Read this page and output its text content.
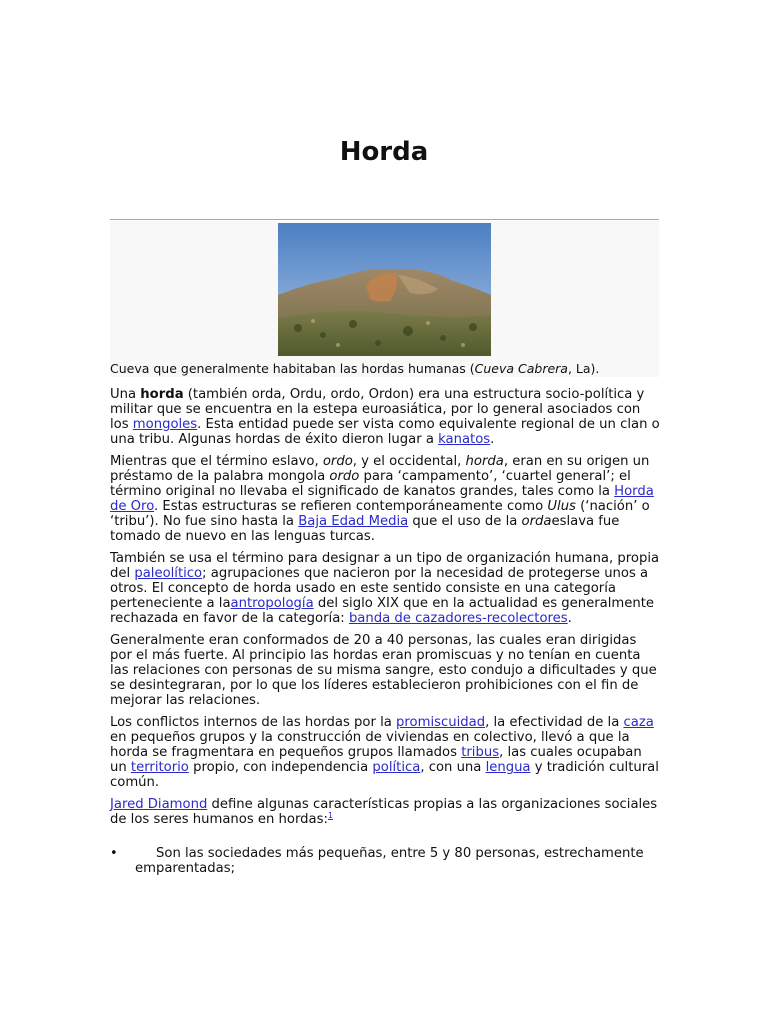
Horda
Cueva que generalmente habitaban las hordas humanas (Cueva Cabrera, La).

Una horda (también orda, Ordu, ordo, Ordon) era una estructura socio-política y militar que se encuentra en la estepa euroasiática, por lo general asociados con los mongoles. Esta entidad puede ser vista como equivalente regional de un clan o una tribu. Algunas hordas de éxito dieron lugar a kanatos.

Mientras que el término eslavo, ordo, y el occidental, horda, eran en su origen un préstamo de la palabra mongola ordo para ‘campamento’, ‘cuartel general’; el término original no llevaba el significado de kanatos grandes, tales como la Horda de Oro. Estas estructuras se refieren contemporáneamente como Ulus (‘nación’ o ‘tribu’). No fue sino hasta la Baja Edad Media que el uso de la ordaeslava fue tomado de nuevo en las lenguas turcas.

También se usa el término para designar a un tipo de organización humana, propia del paleolítico; agrupaciones que nacieron por la necesidad de protegerse unos a otros. El concepto de horda usado en este sentido consiste en una categoría perteneciente a laantropología del siglo XIX que en la actualidad es generalmente rechazada en favor de la categoría: banda de cazadores-recolectores.

Generalmente eran conformados de 20 a 40 personas, las cuales eran dirigidas por el más fuerte. Al principio las hordas eran promiscuas y no tenían en cuenta las relaciones con personas de su misma sangre, esto condujo a dificultades y que se desintegraran, por lo que los líderes establecieron prohibiciones con el fin de mejorar las relaciones.

Los conflictos internos de las hordas por la promiscuidad, la efectividad de la caza en pequeños grupos y la construcción de viviendas en colectivo, llevó a que la horda se fragmentara en pequeños grupos llamados tribus, las cuales ocupaban un territorio propio, con independencia política, con una lengua y tradición cultural común.

Jared Diamond define algunas características propias a las organizaciones sociales de los seres humanos en hordas:$^1$

•	Son las sociedades más pequeñas, entre 5 y 80 personas, estrechamente emparentadas;
